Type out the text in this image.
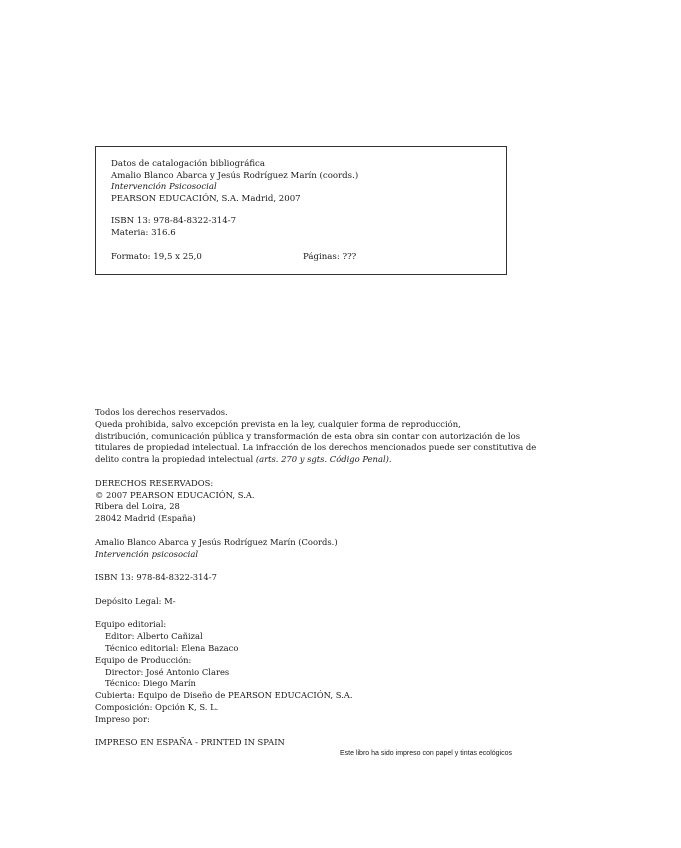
Datos de catalogación bibliográfica
Amalio Blanco Abarca y Jesús Rodríguez Marín (coords.)
Intervención Psicosocial
PEARSON EDUCACIÓN, S.A. Madrid, 2007
ISBN 13: 978-84-8322-314-7
Materia: 316.6
Formato: 19,5 x 25,0	Páginas: ???
Todos los derechos reservados.
Queda prohibida, salvo excepción prevista en la ley, cualquier forma de reproducción,
distribución, comunicación pública y transformación de esta obra sin contar con autorización de los
titulares de propiedad intelectual. La infracción de los derechos mencionados puede ser constitutiva de
delito contra la propiedad intelectual (arts. 270 y sgts. Código Penal).
DERECHOS RESERVADOS:
© 2007 PEARSON EDUCACIÓN, S.A.
Ribera del Loira, 28
28042 Madrid (España)
Amalio Blanco Abarca y Jesús Rodríguez Marín (Coords.)
Intervención psicosocial
ISBN 13: 978-84-8322-314-7
Depósito Legal: M-
Equipo editorial:
Editor: Alberto Cañizal
Técnico editorial: Elena Bazaco
Equipo de Producción:
Director: José Antonio Clares
Técnico: Diego Marín
Cubierta: Equipo de Diseño de PEARSON EDUCACIÓN, S.A.
Composición: Opción K, S. L.
Impreso por:
IMPRESO EN ESPAÑA - PRINTED IN SPAIN
Este libro ha sido impreso con papel y tintas ecológicos
